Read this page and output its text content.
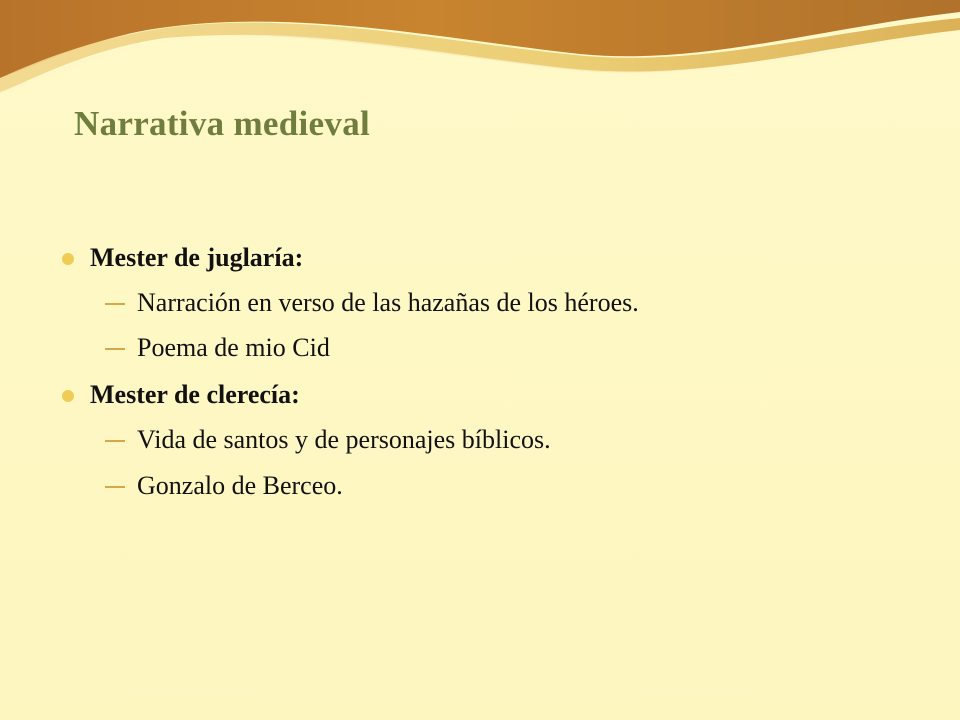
Narrativa medieval
Mester de juglaría:
Narración en verso de las hazañas de los héroes.
Poema de mio Cid
Mester de clerecía:
Vida de santos y de personajes bíblicos.
Gonzalo de Berceo.
